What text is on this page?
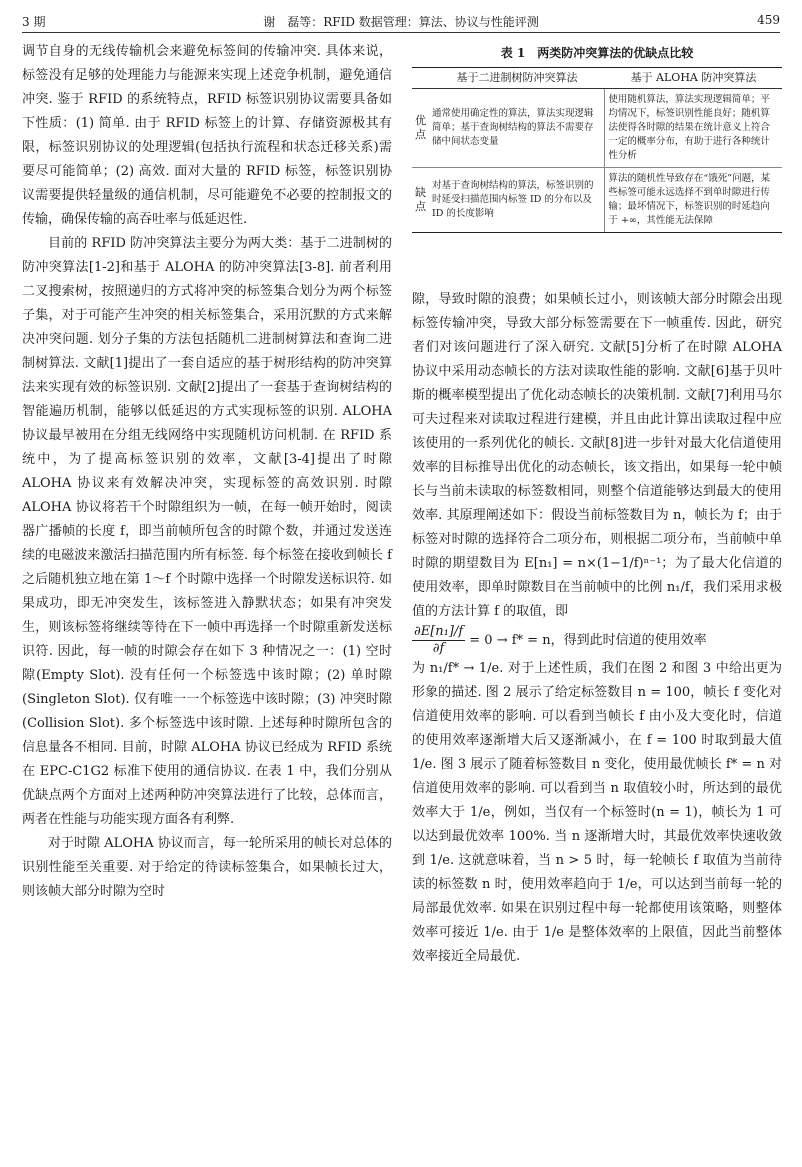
3 期	谢　磊等：RFID 数据管理：算法、协议与性能评测	459

调节自身的无线传输机会来避免标签间的传输冲突. 具体来说，标签没有足够的处理能力与能源来实现上述竞争机制，避免通信冲突. 鉴于 RFID 的系统特点，RFID 标签识别协议需要具备如下性质：(1) 简单. 由于 RFID 标签上的计算、存储资源极其有限，标签识别协议的处理逻辑(包括执行流程和状态迁移关系)需要尽可能简单；(2) 高效. 面对大量的 RFID 标签，标签识别协议需要提供轻量级的通信机制，尽可能避免不必要的控制报文的传输，确保传输的高吞吐率与低延迟性.

目前的 RFID 防冲突算法主要分为两大类：基于二进制树的防冲突算法[1-2]和基于 ALOHA 的防冲突算法[3-8]. 前者利用二叉搜索树，按照递归的方式将冲突的标签集合划分为两个标签子集，对于可能产生冲突的相关标签集合，采用沉默的方式来解决冲突问题. 划分子集的方法包括随机二进制树算法和查询二进制树算法. 文献[1]提出了一套自适应的基于树形结构的防冲突算法来实现有效的标签识别. 文献[2]提出了一套基于查询树结构的智能遍历机制，能够以低延迟的方式实现标签的识别. ALOHA 协议最早被用在分组无线网络中实现随机访问机制. 在 RFID 系统中，为了提高标签识别的效率，文献[3-4]提出了时隙 ALOHA 协议来有效解决冲突，实现标签的高效识别. 时隙 ALOHA 协议将若干个时隙组织为一帧，在每一帧开始时，阅读器广播帧的长度 f，即当前帧所包含的时隙个数，并通过发送连续的电磁波来激活扫描范围内所有标签. 每个标签在接收到帧长 f 之后随机独立地在第 1～f 个时隙中选择一个时隙发送标识符. 如果成功，即无冲突发生，该标签进入静默状态；如果有冲突发生，则该标签将继续等待在下一帧中再选择一个时隙重新发送标识符. 因此，每一帧的时隙会存在如下 3 种情况之一：(1) 空时隙(Empty Slot). 没有任何一个标签选中该时隙；(2) 单时隙(Singleton Slot). 仅有唯一一个标签选中该时隙；(3) 冲突时隙(Collision Slot). 多个标签选中该时隙. 上述每种时隙所包含的信息量各不相同. 目前，时隙 ALOHA 协议已经成为 RFID 系统在 EPC-C1G2 标准下使用的通信协议. 在表 1 中，我们分别从优缺点两个方面对上述两种防冲突算法进行了比较，总体而言，两者在性能与功能实现方面各有利弊.

对于时隙 ALOHA 协议而言，每一轮所采用的帧长对总体的识别性能至关重要. 对于给定的待读标签集合，如果帧长过大，则该帧大部分时隙为空时

表 1　两类防冲突算法的优缺点比较
	基于二进制树防冲突算法	基于 ALOHA 防冲突算法
优点	通常使用确定性的算法，算法实现逻辑简单；基于查询树结构的算法不需要存储中间状态变量	使用随机算法，算法实现逻辑简单；平均情况下，标签识别性能良好；随机算法使得各时隙的结果在统计意义上符合一定的概率分布，有助于进行各种统计性分析
缺点	对基于查询树结构的算法，标签识别的时延受扫描范围内标签 ID 的分布以及 ID 的长度影响	算法的随机性导致存在“饿死”问题，某些标签可能永远选择不到单时隙进行传输；最坏情况下，标签识别的时延趋向于 +∞，其性能无法保障

隙，导致时隙的浪费；如果帧长过小，则该帧大部分时隙会出现标签传输冲突，导致大部分标签需要在下一帧重传. 因此，研究者们对该问题进行了深入研究. 文献[5]分析了在时隙 ALOHA 协议中采用动态帧长的方法对读取性能的影响. 文献[6]基于贝叶斯的概率模型提出了优化动态帧长的决策机制. 文献[7]利用马尔可夫过程来对读取过程进行建模，并且由此计算出读取过程中应该使用的一系列优化的帧长. 文献[8]进一步针对最大化信道使用效率的目标推导出优化的动态帧长，该文指出，如果每一轮中帧长与当前未读取的标签数相同，则整个信道能够达到最大的使用效率. 其原理阐述如下：假设当前标签数目为 n，帧长为 f；由于标签对时隙的选择符合二项分布，则根据二项分布，当前帧中单时隙的期望数目为 E[n₁] = n×(1−1/f)ⁿ⁻¹；为了最大化信道的使用效率，即单时隙数目在当前帧中的比例 n₁/f，我们采用求极值的方法计算 f 的取值，即

$\frac{\text{∂E[n₁]/f}}{\partial f} = 0 \to f* = n$，得到此时信道的使用效率

为 n₁/f* → 1/e. 对于上述性质，我们在图 2 和图 3 中给出更为形象的描述. 图 2 展示了给定标签数目 n = 100，帧长 f 变化对信道使用效率的影响. 可以看到当帧长 f 由小及大变化时，信道的使用效率逐渐增大后又逐渐减小，在 f = 100 时取到最大值1/e. 图 3 展示了随着标签数目 n 变化，使用最优帧长 f* = n 对信道使用效率的影响. 可以看到当 n 取值较小时，所达到的最优效率大于 1/e，例如，当仅有一个标签时(n = 1)，帧长为 1 可以达到最优效率 100%. 当 n 逐渐增大时，其最优效率快速收敛到 1/e. 这就意味着，当 n > 5 时，每一轮帧长 f 取值为当前待读的标签数 n 时，使用效率趋向于 1/e，可以达到当前每一轮的局部最优效率. 如果在识别过程中每一轮都使用该策略，则整体效率可接近 1/e. 由于 1/e 是整体效率的上限值，因此当前整体效率接近全局最优.
